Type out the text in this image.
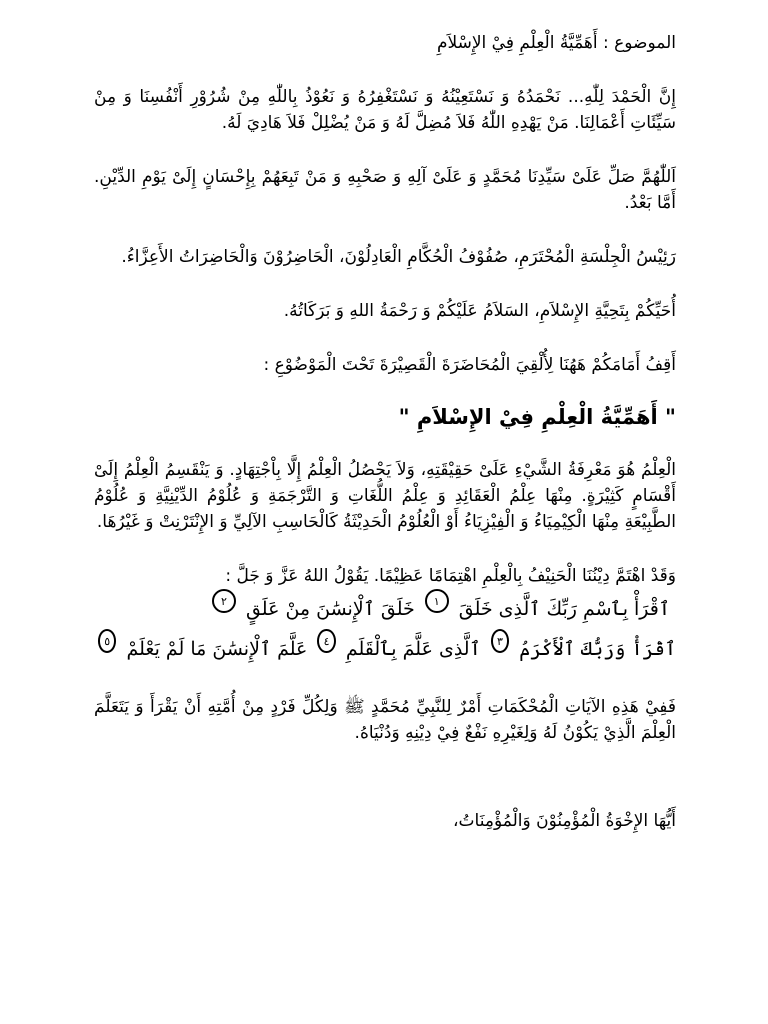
الموضوع : أَهَمِّيَّةُ الْعِلْمِ فِيْ الإِسْلاَمِ

إِنَّ الْحَمْدَ لِلّٰهِ... نَحْمَدُهُ وَ نَسْتَعِيْنُهُ وَ نَسْتَغْفِرُهُ وَ نَعُوْذُ بِاللّٰهِ مِنْ شُرُوْرِ أَنْفُسِنَا وَ مِنْ سَيِّئَاتِ أَعْمَالِنَا. مَنْ يَهْدِهِ اللّٰهُ فَلاَ مُضِلَّ لَهُ وَ مَنْ يُضْلِلْ فَلاَ هَادِيَ لَهُ.

اَللّٰهُمَّ صَلِّ عَلَىْ سَيِّدِنَا مُحَمَّدٍ وَ عَلَىْ آلِهِ وَ صَحْبِهِ وَ مَنْ تَبِعَهُمْ بِإِحْسَانٍ إِلَىْ يَوْمِ الدِّيْنِ. أَمَّا بَعْدُ.

رَئِيْسُ الْجِلْسَةِ الْمُحْتَرَمِ، صُفُوْفُ الْحُكَّامِ الْعَادِلُوْنَ، الْحَاضِرُوْنَ وَالْحَاضِرَاتُ الأَعِزَّاءُ.

أُحَيِّكُمْ بِتَحِيَّةِ الإِسْلاَمِ، السَلاَمُ عَلَيْكُمْ وَ رَحْمَةُ اللهِ وَ بَرَكَاتُهُ.

أَقِفُ أَمَامَكُمْ هَهُنَا لِأُلْقِيَ الْمُحَاضَرَةَ الْقَصِيْرَةَ تَحْتَ الْمَوْضُوْعِ :

" أَهَمِّيَّةُ الْعِلْمِ فِيْ الإِسْلاَمِ "

الْعِلْمُ هُوَ مَعْرِفَةُ الشَّيْءِ عَلَىْ حَقِيْقَتِهِ، وَلاَ يَحْصُلُ الْعِلْمُ إِلَّا بِاْجْتِهَادٍ. وَ يَنْقَسِمُ الْعِلْمُ إِلَىْ أَقْسَامٍ كَثِيْرَةٍ. مِنْهَا عِلْمُ الْعَقَائِدِ وَ عِلْمُ اللُّغَاتِ وَ التَّرْجَمَةِ وَ عُلُوْمُ الدِّيْنِيَّةِ وَ عُلُوْمُ الطَّبِيْعَةِ مِنْهَا الْكِيْمِيَاءُ وَ الْفِيْزِيَاءُ أَوْ الْعُلُوْمُ الْحَدِيْثَةُ كَالْحَاسِبِ الآلِيِّ وَ الإِنْتَرْنِتْ وَ غَيْرُهَا.

وَقَدْ اهْتَمَّ دِيْنُنَا الْحَنِيْفُ بِالْعِلْمِ اهْتِمَامًا عَظِيْمًا. يَقُوْلُ اللهُ عَزَّ وَ جَلَّ :

ٱقْرَأْ بِٱسْمِ رَبِّكَ ٱلَّذِى خَلَقَ
١
خَلَقَ ٱلْإِنسَٰنَ مِنْ عَلَقٍ
٢
ٱقْرَأْ وَرَبُّكَ ٱلْأَكْرَمُ
٣
ٱلَّذِى عَلَّمَ بِٱلْقَلَمِ
٤
عَلَّمَ ٱلْإِنسَٰنَ مَا لَمْ يَعْلَمْ
٥

فَفِيْ هَذِهِ الآيَاتِ الْمُحْكَمَاتِ أَمْرٌ لِلنَّبِيِّ مُحَمَّدٍ ﷺ وَلِكُلِّ فَرْدٍ مِنْ أُمَّتِهِ أَنْ يَقْرَأَ وَ يَتَعَلَّمَ الْعِلْمَ الَّذِيْ يَكُوْنُ لَهُ وَلِغَيْرِهِ نَفْعٌ فِيْ دِيْنِهِ وَدُنْيَاهُ.

أَيُّهَا الإِخْوَةُ الْمُؤْمِنُوْنَ وَالْمُؤْمِنَاتُ،
